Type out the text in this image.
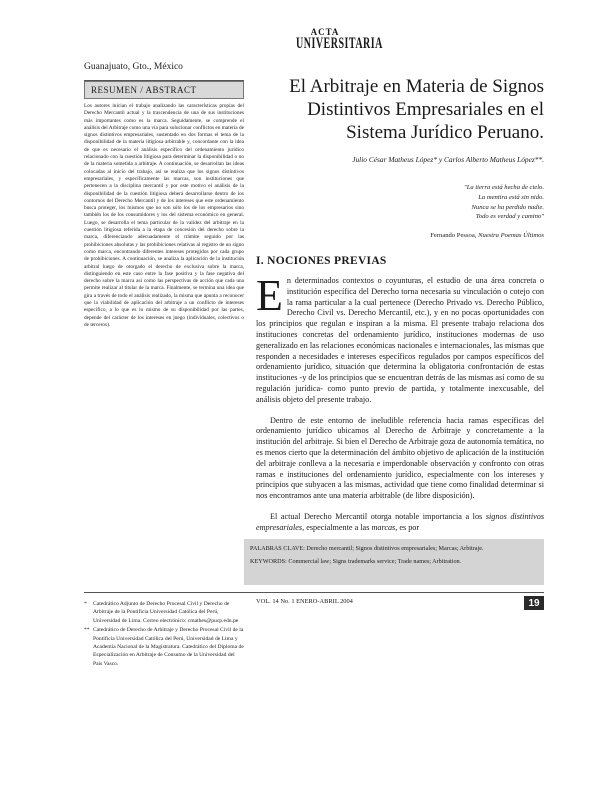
Guanajuato, Gto., México
ACTA
UNIVERSITARIA
RESUMEN / ABSTRACT
Los autores inician el trabajo analizando las características propias del Derecho Mercantil actual y la trascendencia de una de sus instituciones más importantes como es la marca. Seguidamente, se comprende el análisis del Arbitraje como una vía para solucionar conflictos en materia de signos distintivos empresariales, sustentado en dos formas el tema de la disponibilidad de la materia litigiosa arbitrable y, concordante con la idea de que es necesario el análisis específico del ordenamiento jurídico relacionado con la cuestión litigiosa para determinar la disponibilidad o no de la materia sometida a arbitraje. A continuación, se desarrollan las ideas colocadas al inicio del trabajo, así se realiza que los signos distintivos empresariales, y específicamente las marcas, son instituciones que pertenecen a la disciplina mercantil y por este motivo el análisis de la disponibilidad de la cuestión litigiosa deberá desarrollarse dentro de los contornos del Derecho Mercantil y de los intereses que este ordenamiento busca proteger, los mismos que no son sólo los de los empresarios sino también los de los consumidores y los del sistema económico en general. Luego, se desarrolla el tema particular de la validez del arbitraje en la cuestión litigiosa referida a la etapa de concesión del derecho sobre la marca, diferenciando adecuadamente el trámite seguido por las prohibiciones absolutas y las prohibiciones relativas al registro de un signo como marca, encontrando diferentes intereses protegidos por cada grupo de prohibiciones. A continuación, se analiza la aplicación de la institución arbitral luego de otorgado el derecho de exclusiva sobre la marca, distinguiendo en este caso entre la fase positiva y la fase negativa del derecho sobre la marca así como las perspectivas de acción que cada una permite realizar al titular de la marca. Finalmente, se termina una idea que gira a través de todo el análisis realizado, la misma que apunta a reconocer que la viabilidad de aplicación del arbitraje a un conflicto de intereses específico, a lo que es lo mismo de su disponibilidad por las partes, depende del carácter de los intereses en juego (individuales, colectivos o de terceros).
*	Catedrático Adjunto de Derecho Procesal Civil y Derecho de Arbitraje de la Pontificia Universidad Católica del Perú, Universidad de Lima. Correo electrónico: cmathes@pucp.edu.pe
** Catedrático de Derecho de Arbitraje y Derecho Procesal Civil de la Pontificia Universidad Católica del Perú, Universidad de Lima y Academia Nacional de la Magistratura. Catedrático del Diploma de Especialización en Arbitraje de Consumo de la Universidad del País Vasco.
El Arbitraje en Materia de Signos Distintivos Empresariales en el Sistema Jurídico Peruano.
Julio César Matheus López* y Carlos Alberto Matheus López**.
"La tierra está hecha de cielo.
La mentira está sin nido.
Nunca se ha perdido nadie.
Todo es verdad y camino"
Fernando Pessoa, Nuestra Poemas Últimos
I. NOCIONES PREVIAS

En determinados contextos o coyunturas, el estudio de una área concreta o institución específica del Derecho torna necesaria su vinculación o cotejo con la rama particular a la cual pertenece (Derecho Privado vs. Derecho Público, Derecho Civil vs. Derecho Mercantil, etc.), y en no pocas oportunidades con los principios que regulan e inspiran a la misma. El presente trabajo relaciona dos instituciones concretas del ordenamiento jurídico, instituciones modernas de uso generalizado en las relaciones económicas nacionales e internacionales, las mismas que responden a necesidades e intereses específicos regulados por campos específicos del ordenamiento jurídico, situación que determina la obligatoria confrontación de estas instituciones -y de los principios que se encuentran detrás de las mismas así como de su regulación jurídica- como punto previo de partida, y totalmente inexcusable, del análisis objeto del presente trabajo.

Dentro de este entorno de ineludible referencia hacia ramas específicas del ordenamiento jurídico ubicamos al Derecho de Arbitraje y concretamente a la institución del arbitraje. Si bien el Derecho de Arbitraje goza de autonomía temática, no es menos cierto que la determinación del ámbito objetivo de aplicación de la institución del arbitraje conlleva a la necesaria e imperdonable observación y confronto con otras ramas e instituciones del ordenamiento jurídico, especialmente con los intereses y principios que subyacen a las mismas, actividad que tiene como finalidad determinar si nos encontramos ante una materia arbitrable (de libre disposición).

El actual Derecho Mercantil otorga notable importancia a los signos distintivos empresariales, especialmente a las marcas, es por

PALABRAS CLAVE: Derecho mercantil; Signos distintivos empresariales; Marcas; Arbitraje.
KEYWORDS: Commercial law; Signs trademarks service; Trade names; Arbitration.
VOL. 14 No. 1 ENERO-ABRIL 2004	19
